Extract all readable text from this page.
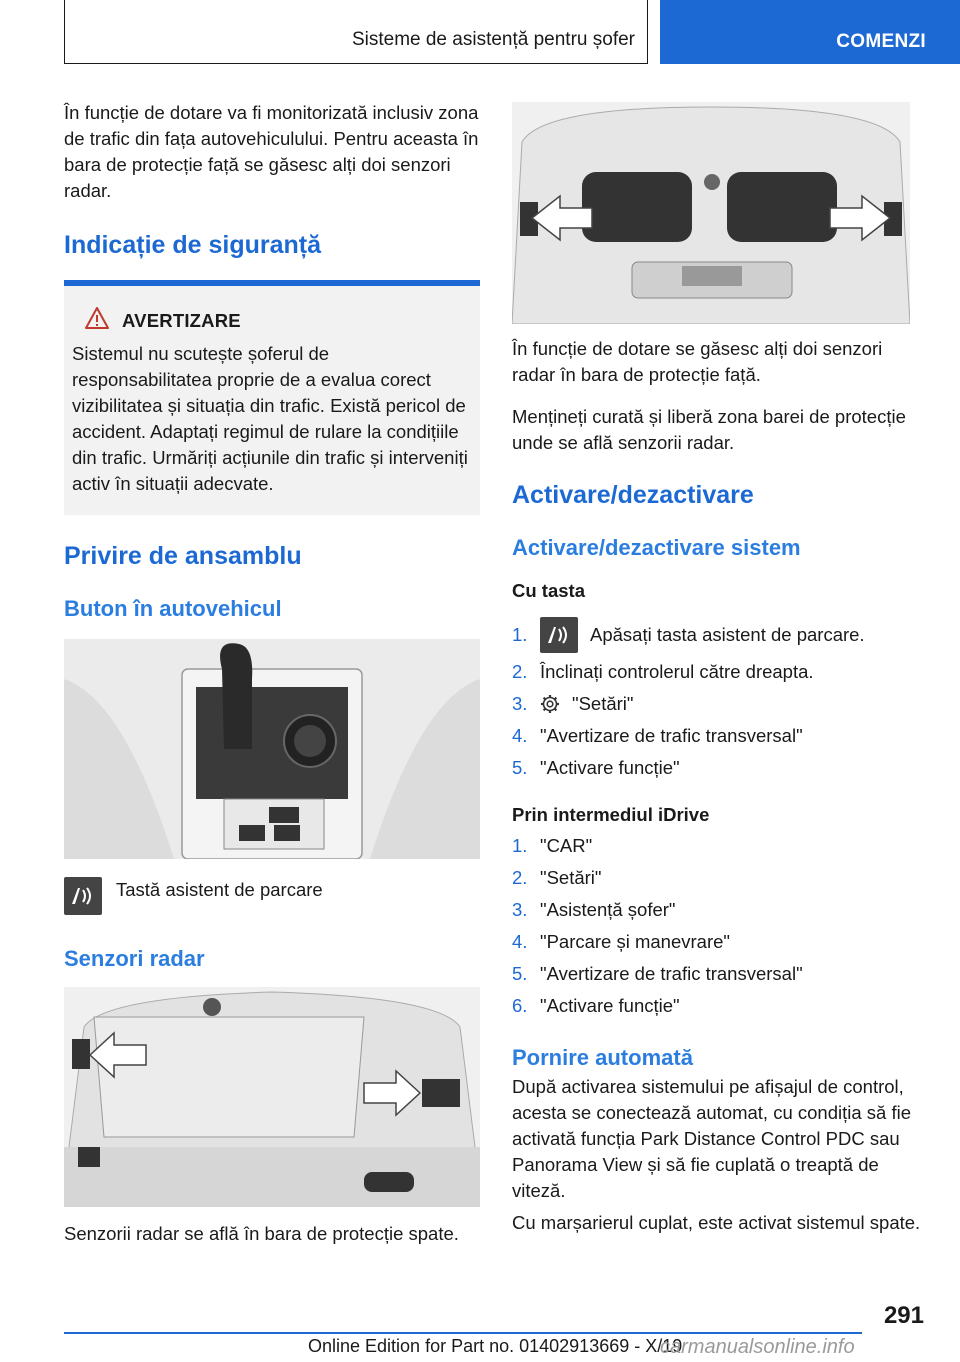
Sisteme de asistență pentru șofer	COMENZI

În funcție de dotare va fi monitorizată inclusiv zona de trafic din fața autovehiculului. Pentru aceasta în bara de protecție față se găsesc alți doi senzori radar.

Indicație de siguranță
AVERTIZARE

Sistemul nu scutește șoferul de responsabilitatea proprie de a evalua corect vizibilitatea și situația din trafic. Există pericol de accident. Adaptați regimul de rulare la condițiile din trafic. Urmăriți acțiunile din trafic și interveniți activ în situații adecvate.

Privire de ansamblu
Buton în autovehicul

Tastă asistent de parcare

Senzori radar

Senzorii radar se află în bara de protecție spate.

În funcție de dotare se găsesc alți doi senzori radar în bara de protecție față.

Mențineți curată și liberă zona barei de protecție unde se află senzorii radar.

Activare/dezactivare
Activare/dezactivare sistem

Cu tasta

1.	Apăsați tasta asistent de parcare.
2. Înclinați controlerul către dreapta.
3.	"Setări"
4. "Avertizare de trafic transversal"
5. "Activare funcție"

Prin intermediul iDrive

1. "CAR"
2. "Setări"
3. "Asistență șofer"
4. "Parcare și manevrare"
5. "Avertizare de trafic transversal"
6. "Activare funcție"
Pornire automată

După activarea sistemului pe afișajul de control, acesta se conectează automat, cu condiția să fie activată funcția Park Distance Control PDC sau Panorama View și să fie cuplată o treaptă de viteză.

Cu marșarierul cuplat, este activat sistemul spate.

291
Online Edition for Part no. 01402913669 - X/19
carmanualsonline.info
